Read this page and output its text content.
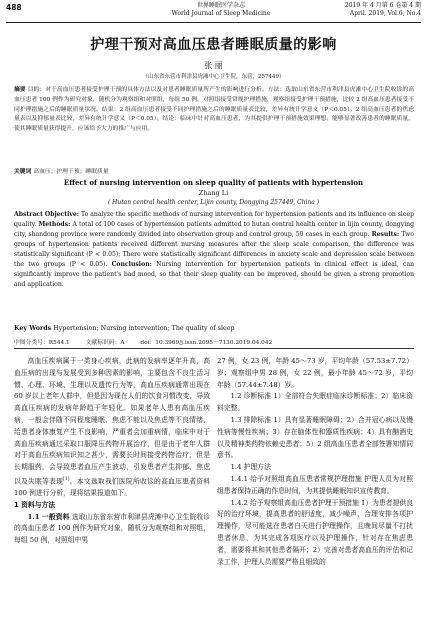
488	世界睡眠医学杂志
World Journal of Sleep Medicine
2019 年 4 月第 6 卷第 4 期
April. 2019, Vol.6, No.4
护理干预对高血压患者睡眠质量的影响
张 丽
（山东省东营市利津县虎滩中心卫生院，东营，257449）
摘要 目的：对于高血压患者接受护理干预的具体方法以及对患者睡眠质量所产生的影响进行分析。方法：选取山东省东营市利津县虎滩中心卫生院收诊的高血压患者 100 例作为研究对象，随机分为观察组和对照组，每组 50 例，对照组接受常规护理措施，观察组接受护理干预措施，比较 2 组高血压患者接受不同护理措施之后的睡眠质量状况。结果：2 组高血压患者接受不同护理措施之后的睡眠质量表比较，差异有统计学意义（P＜0.05）；2 组高血压患者的焦虑量表以及抑郁量表比较，差异有统计学意义（P＜0.05）。结论：临床中针对高血压患者，为其提供护理干预措施效果理想，能够显著改善患者的睡眠质量，使其睡眠质量获得提升，应该给予大力的推广与应用。
关键词 高血压；护理干预；睡眠质量
Effect of nursing intervention on sleep quality of patients with hypertension
Zhang Li
( Hutan central health center, Lijin county, Dongying 257449, China )
Abstract Objective: To analyze the specific methods of nursing intervention for hypertension patients and its influence on sleep quality. Methods: A total of 100 cases of hypertension patients admitted to hutan central health center in lijin county, dongying city, shandong province were randomly divided into observation group and control group, 50 cases in each group. Results: Two groups of hypertension patients received different nursing measures after the sleep scale comparison, the difference was statistically significant (P < 0.05); There were statistically significant differences in anxiety scale and depression scale between the two groups (P < 0.05). Conclusion: Nursing intervention for hypertension patients in clinical effect is ideal, can significantly improve the patient's bad mood, so that their sleep quality can be improved, should be given a strong promotion and application.
Key Words Hypertension; Nursing intervention; The quality of sleep
中图分类号：R544.1	文献标识码：A	doi：10.3969/j.issn.2095－7130.2019.04.042

高血压疾病属于一类身心疾病，此病的发病率逐年升高，高血压病的出现与发展受到多种因素的影响，主要包含不良生活习惯、心理、环境、生理以及遗传行为等，高血压疾病通常出现在 60 岁以上老年人群中，但是因为现在人们的饮食习惯改变，导致高血压疾病的发病年龄趋于年轻化。如果老年人患有高血压疾病，一般会伴随不同程度睡眠、焦虑不能以及焦虑等不良情绪，给患者身体康复产生不良影响，严重者会加重病情，临床中对于高血压疾病通过采取口服降压药物开展治疗，但是由于老年人群对于高血压疾病知识知之甚少，需要长时间接受药物治疗，但是长期服药，会导致患者血压产生波动，引发患者产生抑郁、焦虑以及失眠等表现[1]。本文选取我们医院所收诊的高血压患者资料 100 例进行分析，现将结果报道如下。

1 资料与方法

1.1 一般资料 选取山东省东营市利津县虎滩中心卫生院收诊的高血压患者 100 例作为研究对象，随机分为观察组和对照组，每组 50 例，对照组中男

27 例，女 23 例，年龄 45～73 岁，平均年龄（57.53±7.72）岁；观察组中男 28 例，女 22 例，最小年龄 45～72 岁，平均年龄（57.44±7.48）岁。

1.2 诊断标准 1）全部符合失眠症临床诊断标准；2）临床资料完整。

1.3 排除标准 1）具有显著睡眠障碍；2）合并冠心病以及慢性病等慢性疾病；3）存在脑体性和器质性疾病；4）具有酗酒史以及精神类药物依赖史患者；5）2 组高血压患者全部签署知情同意书。

1.4 护理方法

1.4.1 给予对照组高血压患者常规护理措施 护理人员为对照组患者保持正确的作息时间，为其提供睡眠知识宣传教育。

1.4.2 给予观察组高血压患者护理干预措施 1）为患者提供良好的治疗环境，提高患者的舒适度，减少噪声，合理安排各项护理操作，尽可能选在患者白天进行护理操作，且晚间尽量不打扰患者休息，为其完成各项医疗以及护理操作，针对存在焦虑患者，需要将其和其他患者隔开；2）完善对患者高血压的评估和记录工作，护理人员需要严格且细致的
